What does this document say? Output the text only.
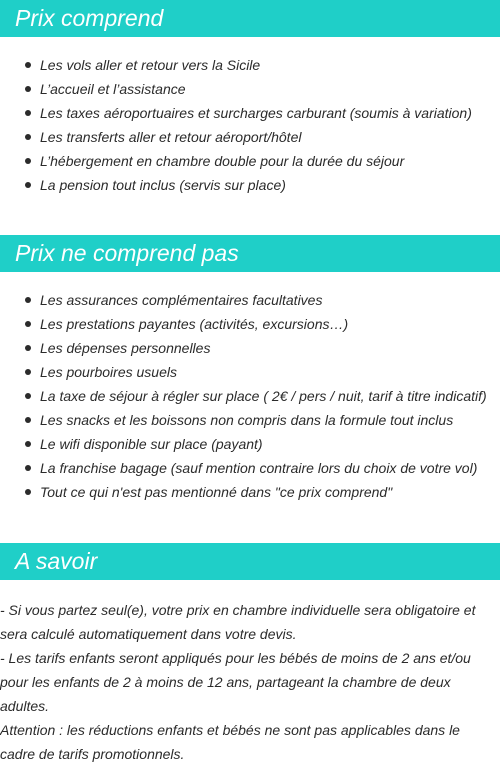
Prix comprend
Les vols aller et retour vers la Sicile
L’accueil et l’assistance
Les taxes aéroportuaires et surcharges carburant (soumis à variation)
Les transferts aller et retour aéroport/hôtel
L’hébergement en chambre double pour la durée du séjour
La pension tout inclus (servis sur place)
Prix ne comprend pas
Les assurances complémentaires facultatives
Les prestations payantes (activités, excursions…)
Les dépenses personnelles
Les pourboires usuels
La taxe de séjour à régler sur place ( 2€ / pers / nuit, tarif à titre indicatif)
Les snacks et les boissons non compris dans la formule tout inclus
Le wifi disponible sur place (payant)
La franchise bagage (sauf mention contraire lors du choix de votre vol)
Tout ce qui n'est pas mentionné dans "ce prix comprend"
A savoir

- Si vous partez seul(e), votre prix en chambre individuelle sera obligatoire et sera calculé automatiquement dans votre devis.

- Les tarifs enfants seront appliqués pour les bébés de moins de 2 ans et/ou pour les enfants de 2 à moins de 12 ans, partageant la chambre de deux adultes.

Attention : les réductions enfants et bébés ne sont pas applicables dans le cadre de tarifs promotionnels.
